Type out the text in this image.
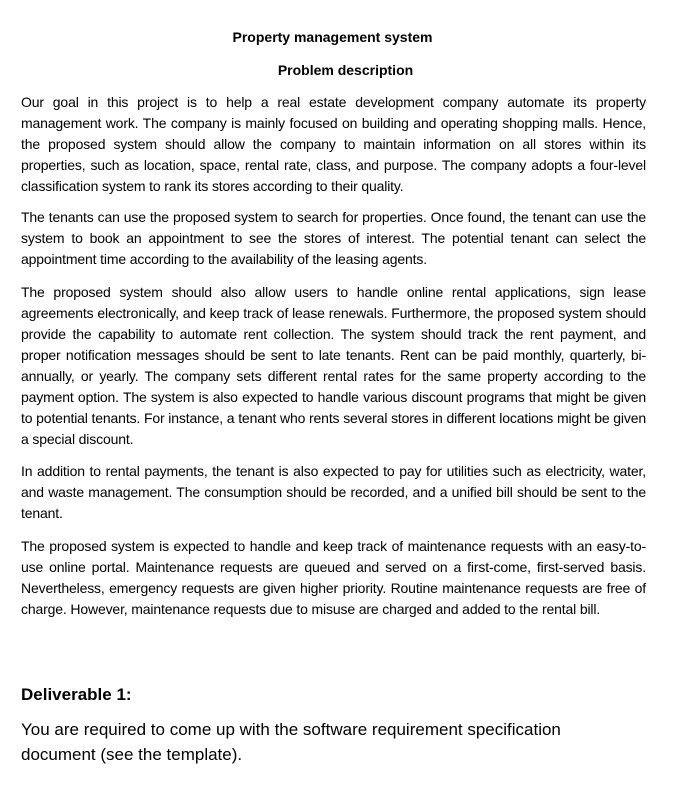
Property management system
Problem description

Our goal in this project is to help a real estate development company automate its property management work. The company is mainly focused on building and operating shopping malls. Hence, the proposed system should allow the company to maintain information on all stores within its properties, such as location, space, rental rate, class, and purpose. The company adopts a four-level classification system to rank its stores according to their quality.

The tenants can use the proposed system to search for properties. Once found, the tenant can use the system to book an appointment to see the stores of interest. The potential tenant can select the appointment time according to the availability of the leasing agents.

The proposed system should also allow users to handle online rental applications, sign lease agreements electronically, and keep track of lease renewals. Furthermore, the proposed system should provide the capability to automate rent collection. The system should track the rent payment, and proper notification messages should be sent to late tenants. Rent can be paid monthly, quarterly, bi-annually, or yearly. The company sets different rental rates for the same property according to the payment option. The system is also expected to handle various discount programs that might be given to potential tenants. For instance, a tenant who rents several stores in different locations might be given a special discount.

In addition to rental payments, the tenant is also expected to pay for utilities such as electricity, water, and waste management. The consumption should be recorded, and a unified bill should be sent to the tenant.

The proposed system is expected to handle and keep track of maintenance requests with an easy-to-use online portal. Maintenance requests are queued and served on a first-come, first-served basis. Nevertheless, emergency requests are given higher priority. Routine maintenance requests are free of charge. However, maintenance requests due to misuse are charged and added to the rental bill.

Deliverable 1:

You are required to come up with the software requirement specification document (see the template).
